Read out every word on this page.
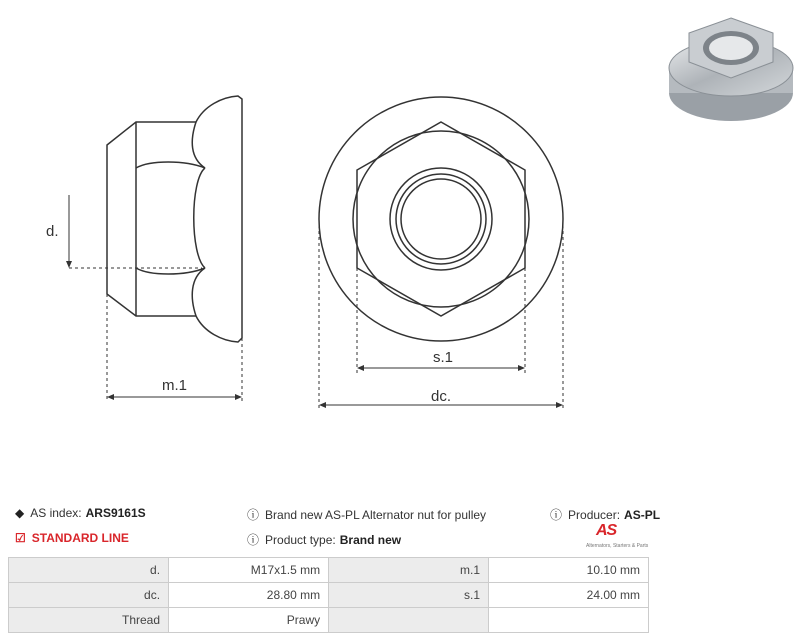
d.
m.1
s.1
dc.
◆ AS index: ARS9161S
☑ STANDARD LINE
ⓘ Brand new AS-PL Alternator nut for pulley
ⓘ Product type: Brand new
ⓘ Producer: AS-PL
AS
Alternators, Starters & Parts
d.	M17x1.5 mm	m.1	10.10 mm
dc.	28.80 mm	s.1	24.00 mm
Thread	Prawy		
